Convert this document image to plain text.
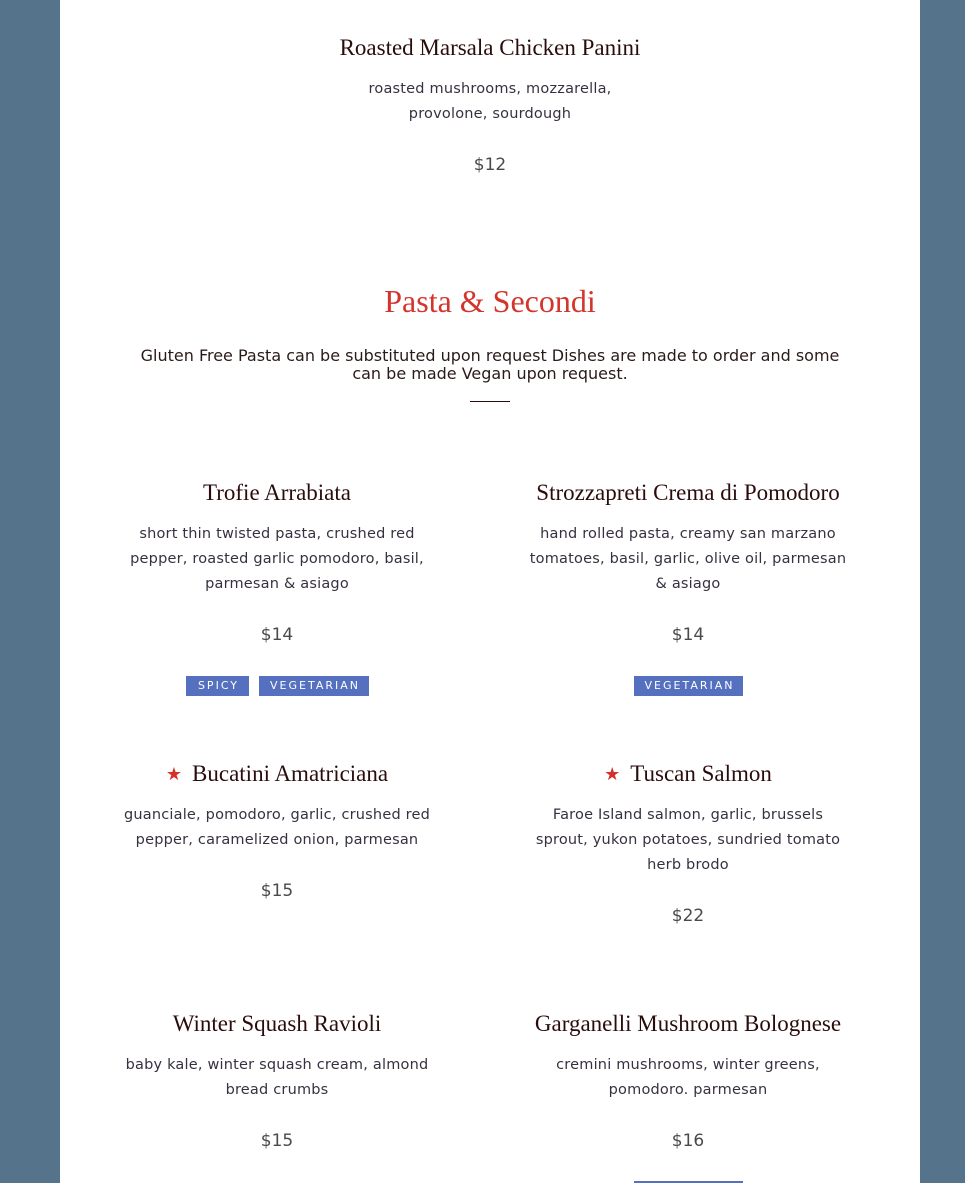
Roasted Marsala Chicken Panini
roasted mushrooms, mozzarella,
provolone, sourdough
$12
Pasta & Secondi
Gluten Free Pasta can be substituted upon request Dishes are made to order and some
can be made Vegan upon request.
Trofie Arrabiata
short thin twisted pasta, crushed red
pepper, roasted garlic pomodoro, basil,
parmesan & asiago
$14
SPICY	VEGETARIAN
Strozzapreti Crema di Pomodoro
hand rolled pasta, creamy san marzano
tomatoes, basil, garlic, olive oil, parmesan
& asiago
$14
VEGETARIAN
★ Bucatini Amatriciana
guanciale, pomodoro, garlic, crushed red
pepper, caramelized onion, parmesan
$15
★ Tuscan Salmon
Faroe Island salmon, garlic, brussels
sprout, yukon potatoes, sundried tomato
herb brodo
$22
Winter Squash Ravioli
baby kale, winter squash cream, almond
bread crumbs
$15
Garganelli Mushroom Bolognese
cremini mushrooms, winter greens,
pomodoro. parmesan
$16
